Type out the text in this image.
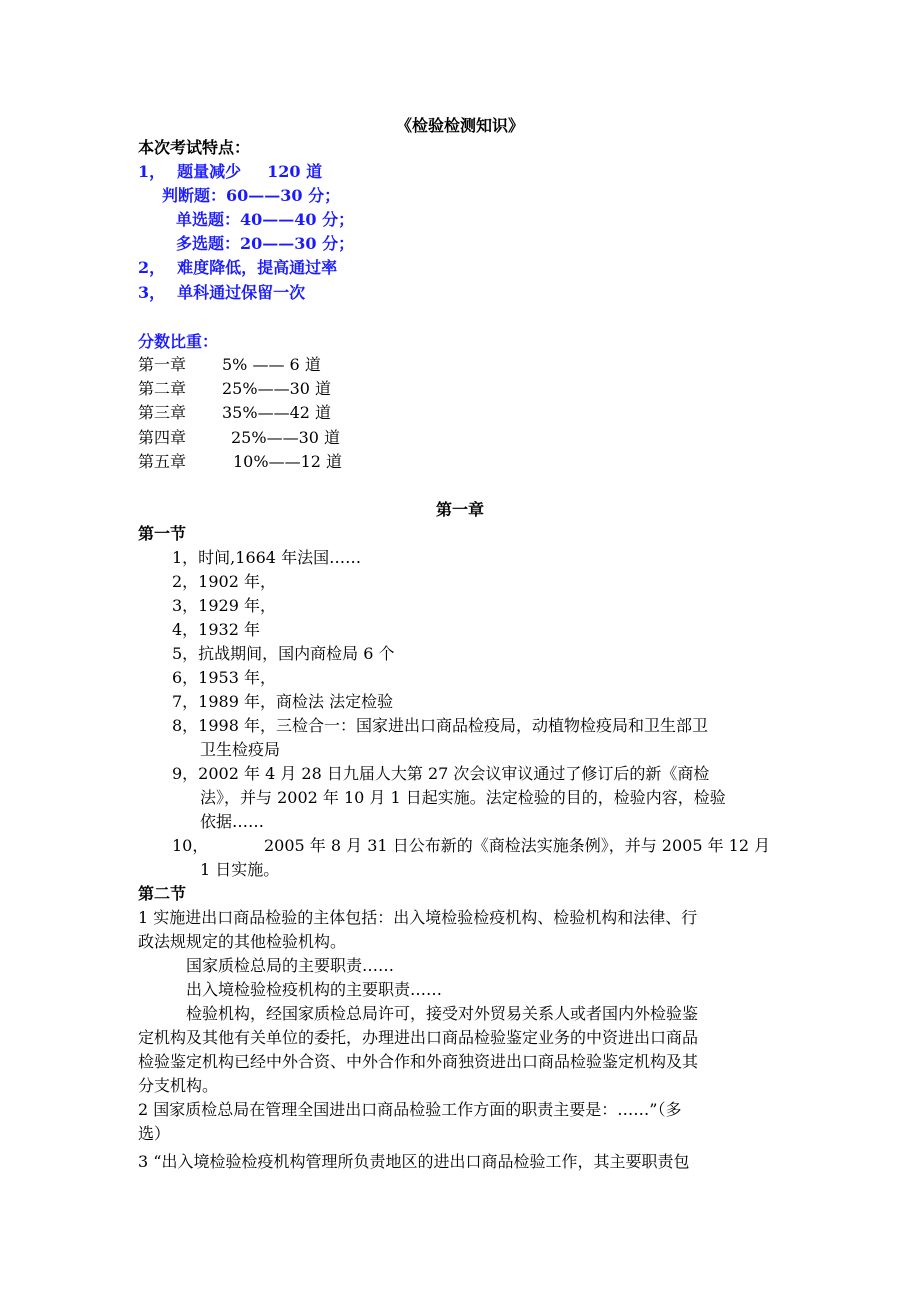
《检验检测知识》
本次考试特点：
1， 题量减少 120 道
判断题：60——30 分；
单选题：40——40 分；
多选题：20——30 分；
2， 难度降低，提高通过率
3， 单科通过保留一次
分数比重：
第一章 5% —— 6 道
第二章 25%——30 道
第三章 35%——42 道
第四章	25%——30 道
第五章	10%——12 道
第一章
第一节
1，时间,1664 年法国……
2，1902 年，
3，1929 年，
4，1932 年
5，抗战期间，国内商检局 6 个
6，1953 年，
7，1989 年，商检法 法定检验
8，1998 年，三检合一：国家进出口商品检疫局，动植物检疫局和卫生部卫
卫生检疫局
9，2002 年 4 月 28 日九届人大第 27 次会议审议通过了修订后的新《商检
法》，并与 2002 年 10 月 1 日起实施。法定检验的目的，检验内容，检验
依据……
10，	2005 年 8 月 31 日公布新的《商检法实施条例》，并与 2005 年 12 月
1 日实施。
第二节
1 实施进出口商品检验的主体包括：出入境检验检疫机构、检验机构和法律、行
政法规规定的其他检验机构。
国家质检总局的主要职责……
出入境检验检疫机构的主要职责……
检验机构，经国家质检总局许可，接受对外贸易关系人或者国内外检验鉴
定机构及其他有关单位的委托，办理进出口商品检验鉴定业务的中资进出口商品
检验鉴定机构已经中外合资、中外合作和外商独资进出口商品检验鉴定机构及其
分支机构。
2 国家质检总局在管理全国进出口商品检验工作方面的职责主要是：……”（多
选）
3 “出入境检验检疫机构管理所负责地区的进出口商品检验工作，其主要职责包
